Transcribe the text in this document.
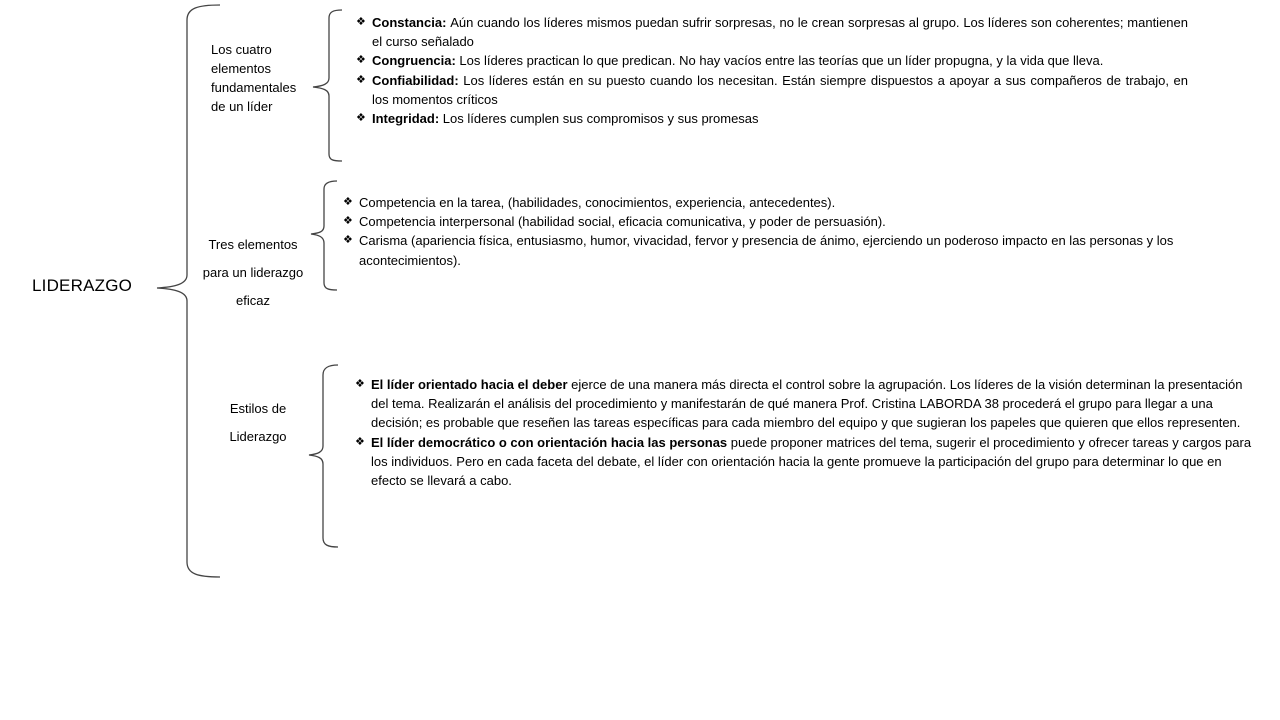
LIDERAZGO
Los cuatro elementos fundamentales de un líder
Tres elementos para un liderazgo eficaz
Estilos de Liderazgo
❖ Constancia: Aún cuando los líderes mismos puedan sufrir sorpresas, no le crean sorpresas al grupo. Los líderes son coherentes; mantienen el curso señalado
❖ Congruencia: Los líderes practican lo que predican. No hay vacíos entre las teorías que un líder propugna, y la vida que lleva.
❖ Confiabilidad: Los líderes están en su puesto cuando los necesitan. Están siempre dispuestos a apoyar a sus compañeros de trabajo, en los momentos críticos
❖ Integridad: Los líderes cumplen sus compromisos y sus promesas
❖ Competencia en la tarea, (habilidades, conocimientos, experiencia, antecedentes).
❖ Competencia interpersonal (habilidad social, eficacia comunicativa, y poder de persuasión).
❖ Carisma (apariencia física, entusiasmo, humor, vivacidad, fervor y presencia de ánimo, ejerciendo un poderoso impacto en las personas y los acontecimientos).
❖ El líder orientado hacia el deber ejerce de una manera más directa el control sobre la agrupación. Los líderes de la visión determinan la presentación del tema. Realizarán el análisis del procedimiento y manifestarán de qué manera Prof. Cristina LABORDA 38 procederá el grupo para llegar a una decisión; es probable que reseñen las tareas específicas para cada miembro del equipo y que sugieran los papeles que quieren que ellos representen.
❖ El líder democrático o con orientación hacia las personas puede proponer matrices del tema, sugerir el procedimiento y ofrecer tareas y cargos para los individuos. Pero en cada faceta del debate, el líder con orientación hacia la gente promueve la participación del grupo para determinar lo que en efecto se llevará a cabo.
